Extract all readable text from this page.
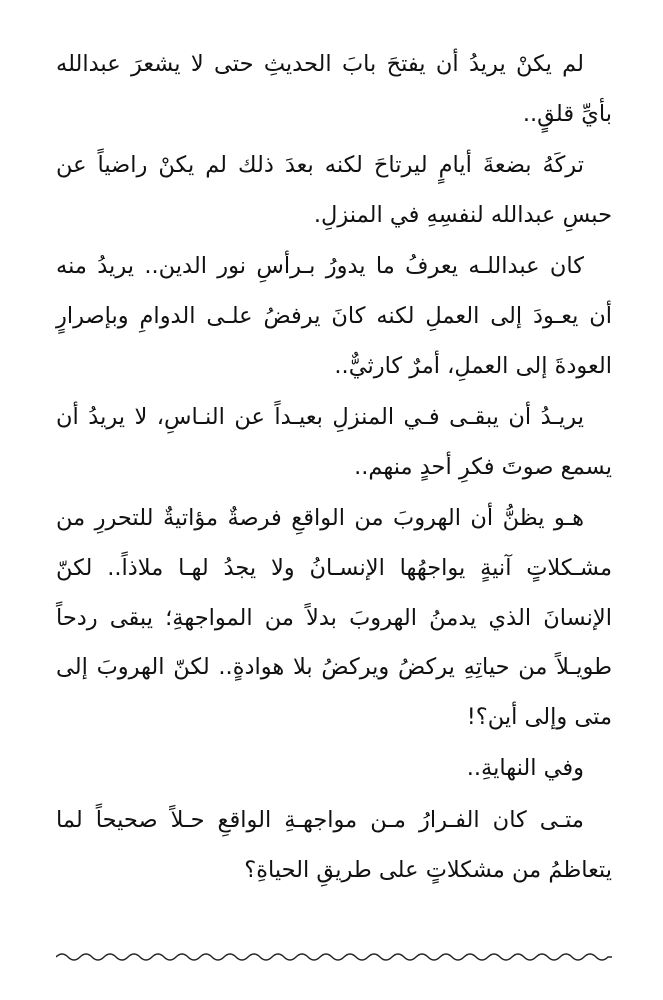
لم يكنْ يريدُ أن يفتحَ بابَ الحديثِ حتى لا يشعرَ عبدالله بأيِّ قلقٍ..

تركَهُ بضعةَ أيامٍ ليرتاحَ لكنه بعدَ ذلك لم يكنْ راضياً عن حبسِ عبدالله لنفسِهِ في المنزلِ.

كان عبداللـه يعرفُ ما يدورُ بـرأسِ نور الدين.. يريدُ منه أن يعـودَ إلى العملِ لكنه كانَ يرفضُ علـى الدوامِ وبإصرارٍ العودةَ إلى العملِ، أمرٌ كارثيٌّ..

يريـدُ أن يبقـى فـي المنزلِ بعيـداً عن النـاسِ، لا يريدُ أن يسمع صوتَ فكرِ أحدٍ منهم..

هـو يظنُّ أن الهروبَ من الواقعِ فرصةٌ مؤاتيةٌ للتحررِ من مشـكلاتٍ آنيةٍ يواجهُها الإنسـانُ ولا يجدُ لهـا ملاذاً.. لكنّ الإنسانَ الذي يدمنُ الهروبَ بدلاً من المواجهةِ؛ يبقى ردحاً طويـلاً من حياتِهِ يركضُ ويركضُ بلا هوادةٍ.. لكنّ الهروبَ إلى متى وإلى أين؟!

وفي النهايةِ..

متـى كان الفـرارُ مـن مواجهـةِ الواقعِ حـلاً صحيحاً لما يتعاظمُ من مشكلاتٍ على طريقِ الحياةِ؟
